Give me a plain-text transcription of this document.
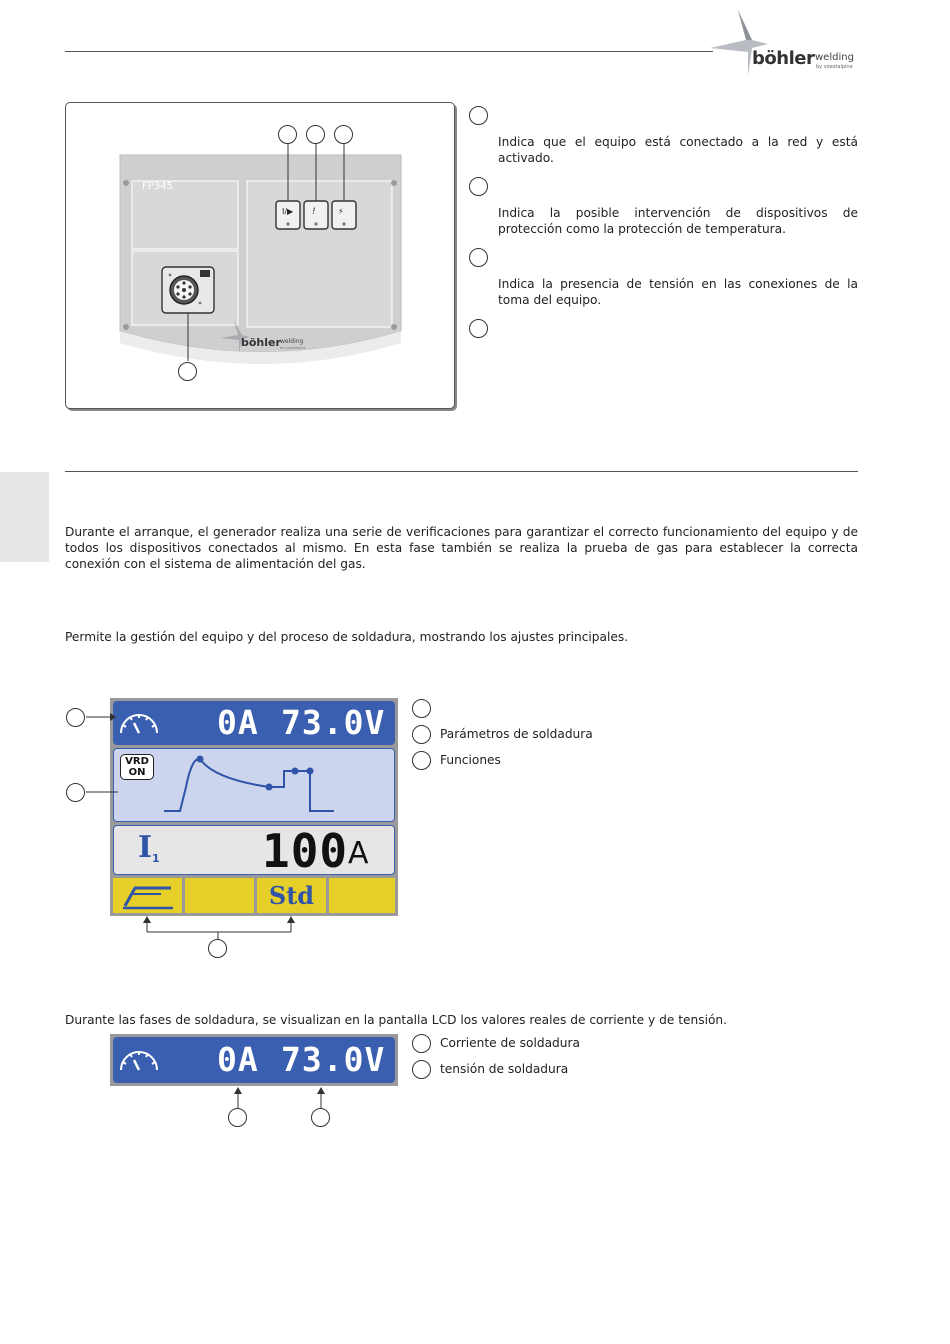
böhler welding
by voestalpine
I/▶ !	⚡
FP345
böhler welding
by voestalpine
Indica que el equipo está conectado a la red y está activado.
Indica la posible intervención de dispositivos de
protección como la protección de temperatura.
Indica la presencia de tensión en las conexiones de la
toma del equipo.
Durante el arranque, el generador realiza una serie de verificaciones para garantizar el correcto funcionamiento del equipo y de todos los dispositivos conectados al mismo. En esta fase también se realiza la prueba de gas para establecer la correcta conexión con el sistema de alimentación del gas.
Permite la gestión del equipo y del proceso de soldadura, mostrando los ajustes principales.
0A 73.0V
VRD
ON
I 1 100 A
Std
Parámetros de soldadura
Funciones
Durante las fases de soldadura, se visualizan en la pantalla LCD los valores reales de corriente y de tensión.
0A 73.0V	Corriente de soldadura
tensión de soldadura
